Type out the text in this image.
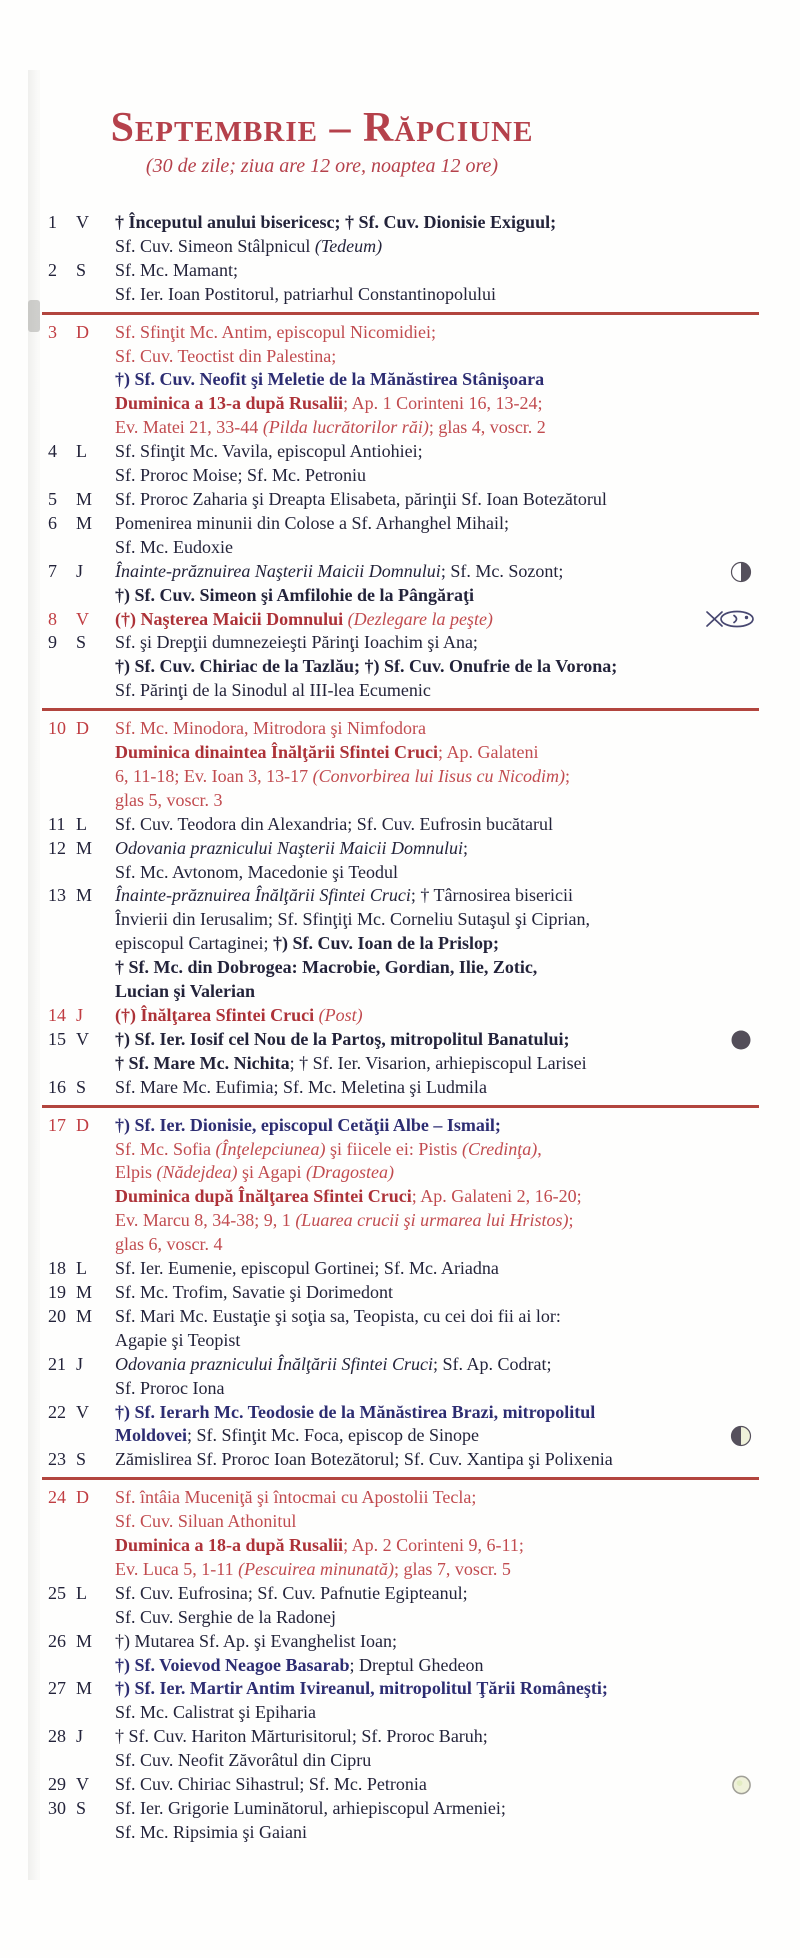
Septembrie – Răpciune

(30 de zile; ziua are 12 ore, noaptea 12 ore)

1	V † Începutul anului bisericesc; † Sf. Cuv. Dionisie Exiguul;
Sf. Cuv. Simeon Stâlpnicul (Tedeum)
2	S Sf. Mc. Mamant;
Sf. Ier. Ioan Postitorul, patriarhul Constantinopolului
3	D Sf. Sfinţit Mc. Antim, episcopul Nicomidiei;
Sf. Cuv. Teoctist din Palestina;
†) Sf. Cuv. Neofit şi Meletie de la Mănăstirea Stânişoara
Duminica a 13-a după Rusalii; Ap. 1 Corinteni 16, 13-24;
Ev. Matei 21, 33-44 (Pilda lucrătorilor răi); glas 4, voscr. 2
4	L Sf. Sfinţit Mc. Vavila, episcopul Antiohiei;
Sf. Proroc Moise; Sf. Mc. Petroniu
5	M Sf. Proroc Zaharia şi Dreapta Elisabeta, părinţii Sf. Ioan Botezătorul
6	M Pomenirea minunii din Colose a Sf. Arhanghel Mihail;
Sf. Mc. Eudoxie
7	J Înainte-prăznuirea Naşterii Maicii Domnului; Sf. Mc. Sozont;
†) Sf. Cuv. Simeon şi Amfilohie de la Pângăraţi
8	V (†) Naşterea Maicii Domnului (Dezlegare la peşte)
9	S Sf. şi Drepţii dumnezeieşti Părinţi Ioachim şi Ana;
†) Sf. Cuv. Chiriac de la Tazlău; †) Sf. Cuv. Onufrie de la Vorona;
Sf. Părinţi de la Sinodul al III-lea Ecumenic
10 D Sf. Mc. Minodora, Mitrodora şi Nimfodora
Duminica dinaintea Înălţării Sfintei Cruci; Ap. Galateni
6, 11-18; Ev. Ioan 3, 13-17 (Convorbirea lui Iisus cu Nicodim);
glas 5, voscr. 3
11 L Sf. Cuv. Teodora din Alexandria; Sf. Cuv. Eufrosin bucătarul
12 M Odovania praznicului Naşterii Maicii Domnului;
Sf. Mc. Avtonom, Macedonie şi Teodul
13 M Înainte-prăznuirea Înălţării Sfintei Cruci; † Târnosirea bisericii
Învierii din Ierusalim; Sf. Sfinţiţi Mc. Corneliu Sutaşul şi Ciprian,
episcopul Cartaginei; †) Sf. Cuv. Ioan de la Prislop;
† Sf. Mc. din Dobrogea: Macrobie, Gordian, Ilie, Zotic,
Lucian şi Valerian
14 J (†) Înălţarea Sfintei Cruci (Post)
15 V †) Sf. Ier. Iosif cel Nou de la Partoş, mitropolitul Banatului;
† Sf. Mare Mc. Nichita; † Sf. Ier. Visarion, arhiepiscopul Larisei
16 S Sf. Mare Mc. Eufimia; Sf. Mc. Meletina şi Ludmila
17 D †) Sf. Ier. Dionisie, episcopul Cetăţii Albe – Ismail;
Sf. Mc. Sofia (Înţelepciunea) şi fiicele ei: Pistis (Credinţa),
Elpis (Nădejdea) şi Agapi (Dragostea)
Duminica după Înălţarea Sfintei Cruci; Ap. Galateni 2, 16-20;
Ev. Marcu 8, 34-38; 9, 1 (Luarea crucii şi urmarea lui Hristos);
glas 6, voscr. 4
18 L Sf. Ier. Eumenie, episcopul Gortinei; Sf. Mc. Ariadna
19 M Sf. Mc. Trofim, Savatie şi Dorimedont
20 M Sf. Mari Mc. Eustaţie şi soţia sa, Teopista, cu cei doi fii ai lor:
Agapie şi Teopist
21 J Odovania praznicului Înălţării Sfintei Cruci; Sf. Ap. Codrat;
Sf. Proroc Iona
22 V †) Sf. Ierarh Mc. Teodosie de la Mănăstirea Brazi, mitropolitul
Moldovei; Sf. Sfinţit Mc. Foca, episcop de Sinope
23 S Zămislirea Sf. Proroc Ioan Botezătorul; Sf. Cuv. Xantipa şi Polixenia
24 D Sf. întâia Muceniţă şi întocmai cu Apostolii Tecla;
Sf. Cuv. Siluan Athonitul
Duminica a 18-a după Rusalii; Ap. 2 Corinteni 9, 6-11;
Ev. Luca 5, 1-11 (Pescuirea minunată); glas 7, voscr. 5
25 L Sf. Cuv. Eufrosina; Sf. Cuv. Pafnutie Egipteanul;
Sf. Cuv. Serghie de la Radonej
26 M †) Mutarea Sf. Ap. şi Evanghelist Ioan;
†) Sf. Voievod Neagoe Basarab; Dreptul Ghedeon
27 M †) Sf. Ier. Martir Antim Ivireanul, mitropolitul Ţării Româneşti;
Sf. Mc. Calistrat şi Epiharia
28 J † Sf. Cuv. Hariton Mărturisitorul; Sf. Proroc Baruh;
Sf. Cuv. Neofit Zăvorâtul din Cipru
29 V Sf. Cuv. Chiriac Sihastrul; Sf. Mc. Petronia
30 S Sf. Ier. Grigorie Luminătorul, arhiepiscopul Armeniei;
Sf. Mc. Ripsimia şi Gaiani
